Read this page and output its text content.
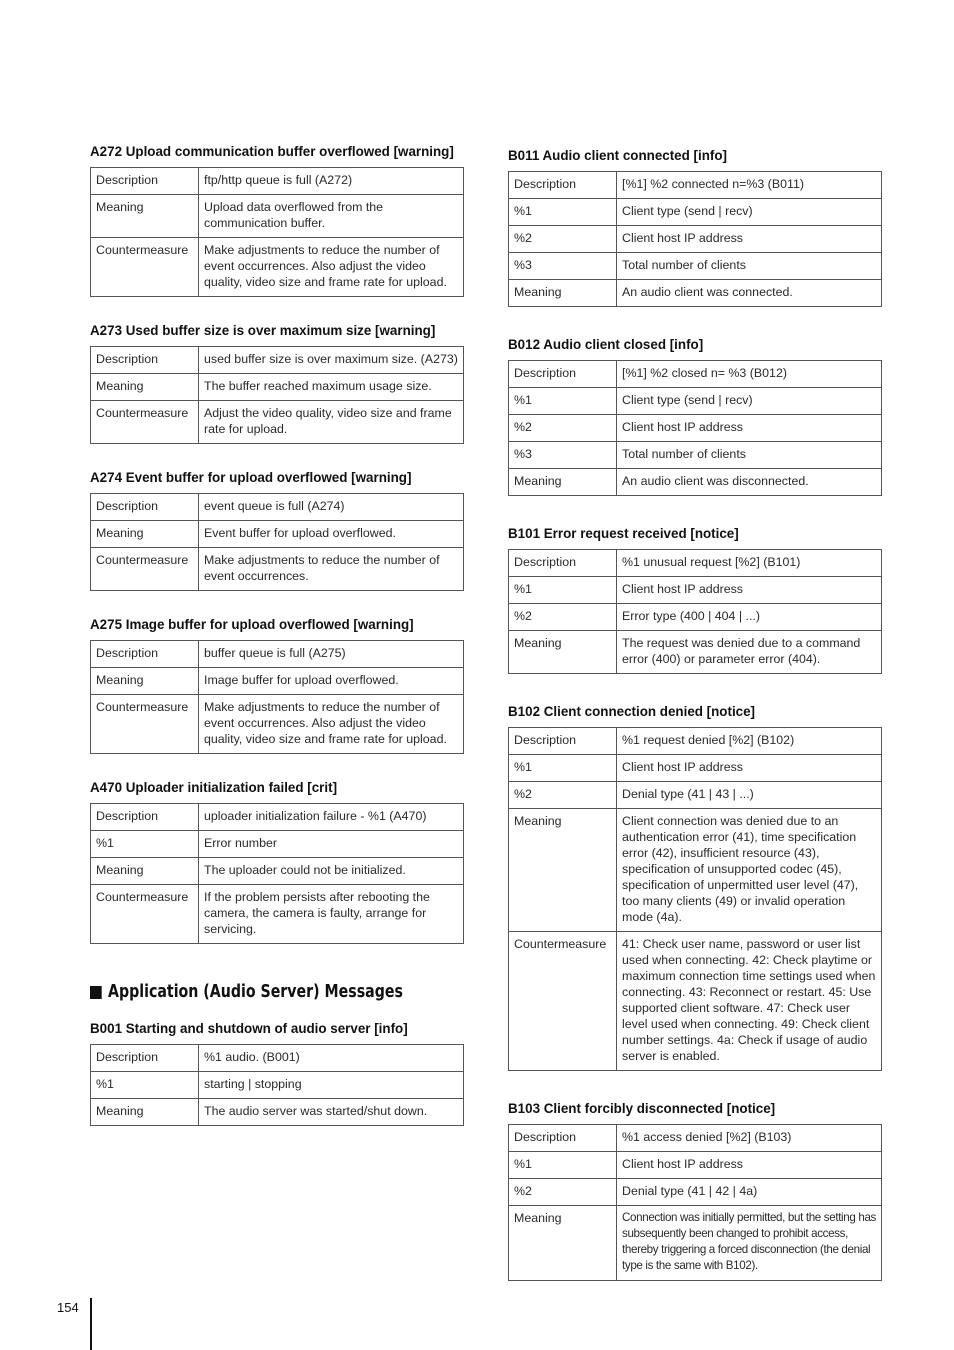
A272 Upload communication buffer overflowed [warning]
Description	ftp/http queue is full (A272)
Meaning	Upload data overflowed from the communication buffer.
Countermeasure	Make adjustments to reduce the number of event occurrences. Also adjust the video quality, video size and frame rate for upload.
A273 Used buffer size is over maximum size [warning]
Description	used buffer size is over maximum size. (A273)
Meaning	The buffer reached maximum usage size.
Countermeasure	Adjust the video quality, video size and frame rate for upload.
A274 Event buffer for upload overflowed [warning]
Description	event queue is full (A274)
Meaning	Event buffer for upload overflowed.
Countermeasure	Make adjustments to reduce the number of event occurrences.
A275 Image buffer for upload overflowed [warning]
Description	buffer queue is full (A275)
Meaning	Image buffer for upload overflowed.
Countermeasure	Make adjustments to reduce the number of event occurrences. Also adjust the video quality, video size and frame rate for upload.
A470 Uploader initialization failed [crit]
Description	uploader initialization failure - %1 (A470)
%1	Error number
Meaning	The uploader could not be initialized.
Countermeasure	If the problem persists after rebooting the camera, the camera is faulty, arrange for servicing.
Application (Audio Server) Messages
B001 Starting and shutdown of audio server [info]
Description	%1 audio. (B001)
%1	starting | stopping
Meaning	The audio server was started/shut down.
B011 Audio client connected [info]
Description	[%1] %2 connected n=%3 (B011)
%1	Client type (send | recv)
%2	Client host IP address
%3	Total number of clients
Meaning	An audio client was connected.
B012 Audio client closed [info]
Description	[%1] %2 closed n= %3 (B012)
%1	Client type (send | recv)
%2	Client host IP address
%3	Total number of clients
Meaning	An audio client was disconnected.
B101 Error request received [notice]
Description	%1 unusual request [%2] (B101)
%1	Client host IP address
%2	Error type (400 | 404 | ...)
Meaning	The request was denied due to a command error (400) or parameter error (404).
B102 Client connection denied [notice]
Description	%1 request denied [%2] (B102)
%1	Client host IP address
%2	Denial type (41 | 43 | ...)
Meaning	Client connection was denied due to an authentication error (41), time specification error (42), insufficient resource (43), specification of unsupported codec (45), specification of unpermitted user level (47), too many clients (49) or invalid operation mode (4a).
Countermeasure	41: Check user name, password or user list used when connecting. 42: Check playtime or maximum connection time settings used when connecting. 43: Reconnect or restart. 45: Use supported client software. 47: Check user level used when connecting. 49: Check client number settings. 4a: Check if usage of audio server is enabled.
B103 Client forcibly disconnected [notice]
Description	%1 access denied [%2] (B103)
%1	Client host IP address
%2	Denial type (41 | 42 | 4a)
Meaning	Connection was initially permitted, but the setting has subsequently been changed to prohibit access, thereby triggering a forced disconnection (the denial type is the same with B102).
154
